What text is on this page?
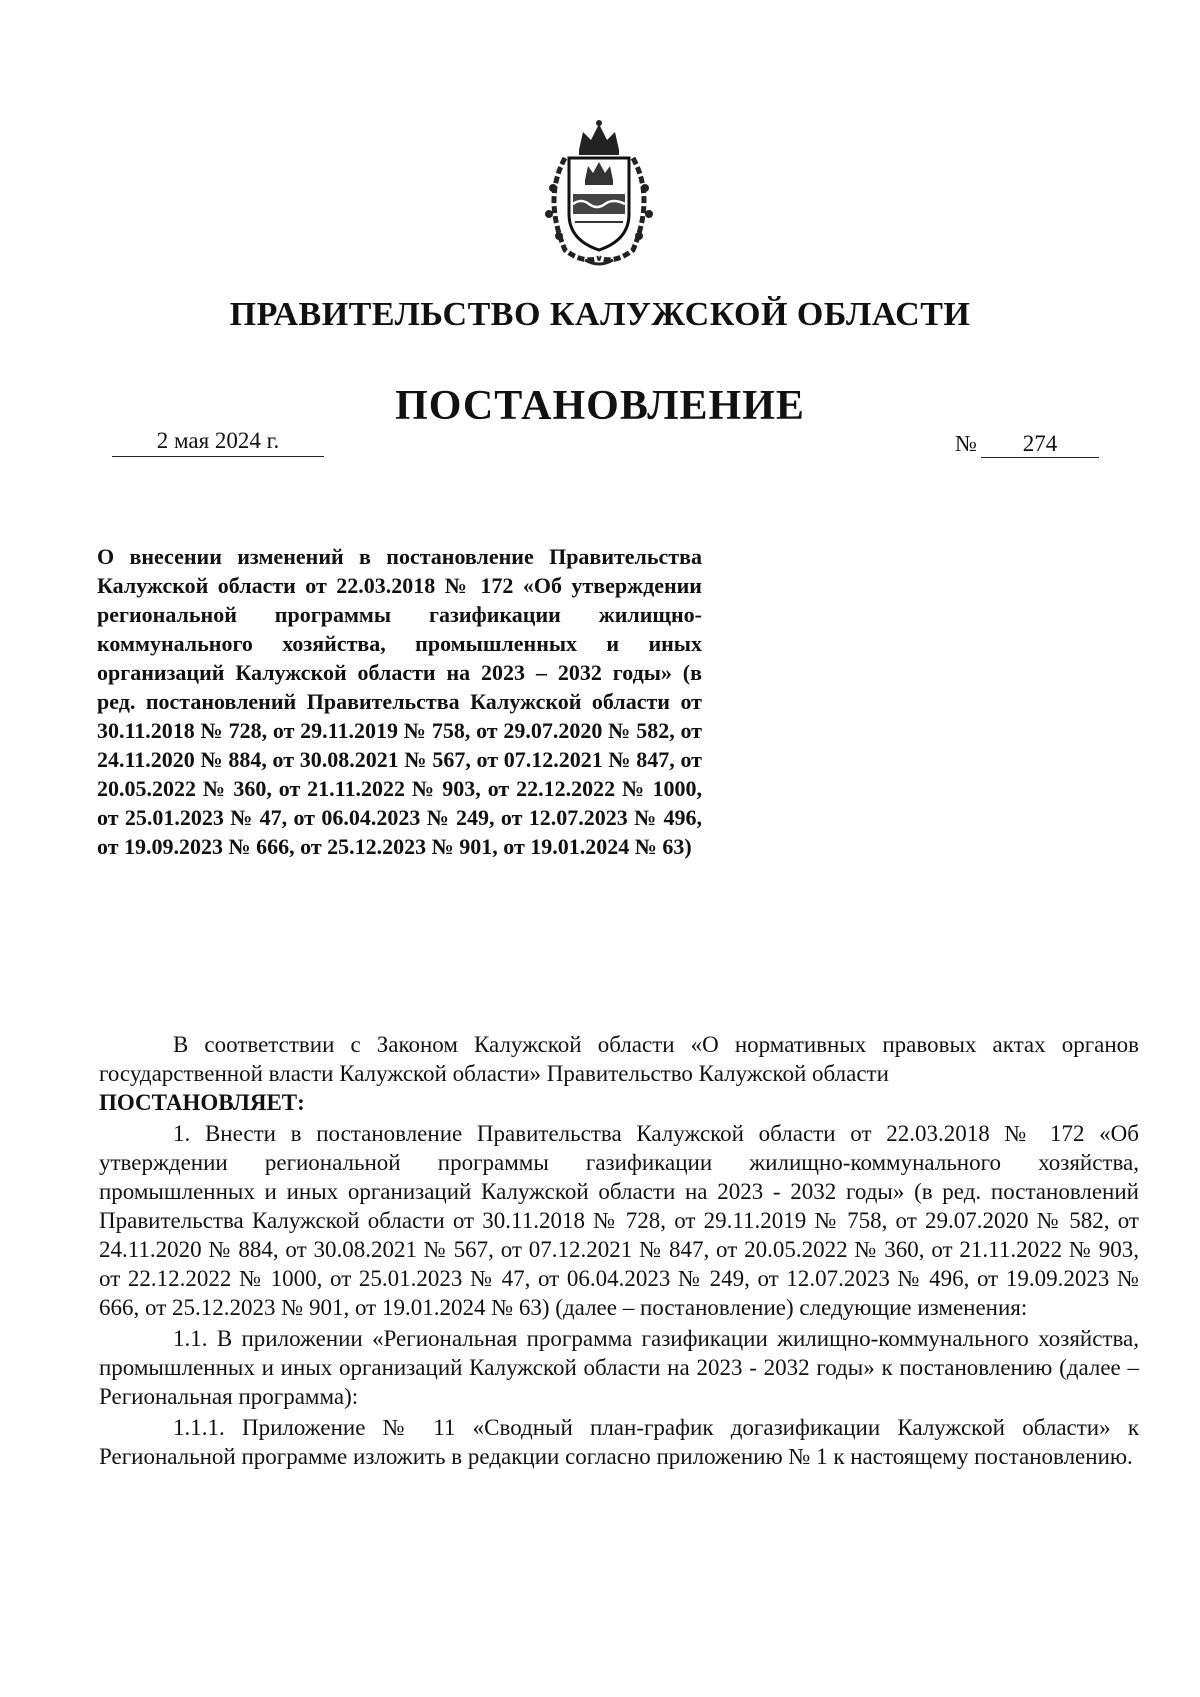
ПРАВИТЕЛЬСТВО КАЛУЖСКОЙ ОБЛАСТИ
ПОСТАНОВЛЕНИЕ
2 мая 2024 г.	№	274

О внесении изменений в постановление Правительства Калужской области от 22.03.2018 № 172 «Об утверждении региональной программы газификации жилищно-коммунального хозяйства, промышленных и иных организаций Калужской области на 2023 – 2032 годы» (в ред. постановлений Правительства Калужской области от 30.11.2018 № 728, от 29.11.2019 № 758, от 29.07.2020 № 582, от 24.11.2020 № 884, от 30.08.2021 № 567, от 07.12.2021 № 847, от 20.05.2022 № 360, от 21.11.2022 № 903, от 22.12.2022 № 1000, от 25.01.2023 № 47, от 06.04.2023 № 249, от 12.07.2023 № 496, от 19.09.2023 № 666, от 25.12.2023 № 901, от 19.01.2024 № 63)

В соответствии с Законом Калужской области «О нормативных правовых актах органов государственной власти Калужской области» Правительство Калужской области
ПОСТАНОВЛЯЕТ:

1. Внести в постановление Правительства Калужской области от 22.03.2018 № 172 «Об утверждении региональной программы газификации жилищно-коммунального хозяйства, промышленных и иных организаций Калужской области на 2023 - 2032 годы» (в ред. постановлений Правительства Калужской области от 30.11.2018 № 728, от 29.11.2019 № 758, от 29.07.2020 № 582, от 24.11.2020 № 884, от 30.08.2021 № 567, от 07.12.2021 № 847, от 20.05.2022 № 360, от 21.11.2022 № 903, от 22.12.2022 № 1000, от 25.01.2023 № 47, от 06.04.2023 № 249, от 12.07.2023 № 496, от 19.09.2023 № 666, от 25.12.2023 № 901, от 19.01.2024 № 63) (далее – постановление) следующие изменения:

1.1. В приложении «Региональная программа газификации жилищно-коммунального хозяйства, промышленных и иных организаций Калужской области на 2023 - 2032 годы» к постановлению (далее – Региональная программа):

1.1.1. Приложение № 11 «Сводный план-график догазификации Калужской области» к Региональной программе изложить в редакции согласно приложению № 1 к настоящему постановлению.
